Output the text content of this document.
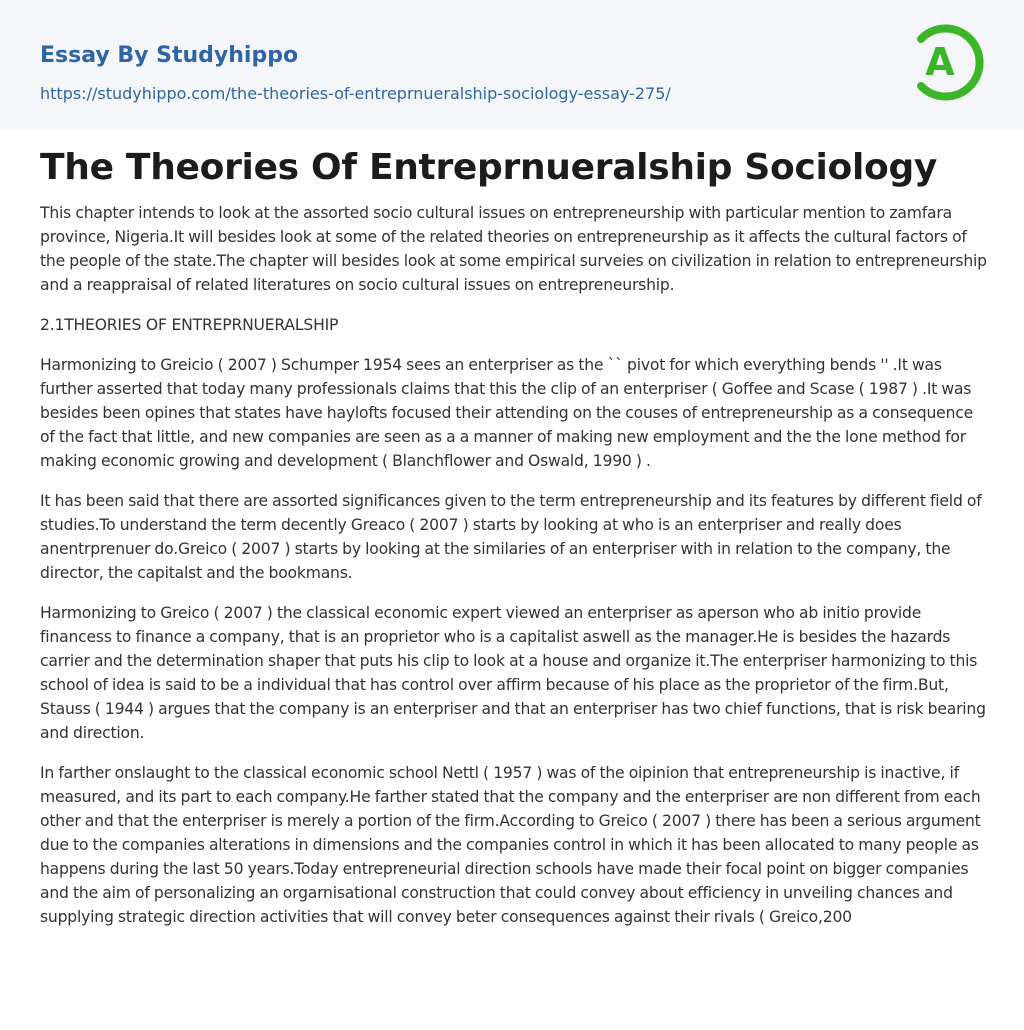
Essay By Studyhippo
https://studyhippo.com/the-theories-of-entreprnueralship-sociology-essay-275/
A
The Theories Of Entreprnueralship Sociology

This chapter intends to look at the assorted socio cultural issues on entrepreneurship with particular mention to zamfara province, Nigeria.It will besides look at some of the related theories on entrepreneurship as it affects the cultural factors of the people of the state.The chapter will besides look at some empirical surveies on civilization in relation to entrepreneurship and a reappraisal of related literatures on socio cultural issues on entrepreneurship.

2.1THEORIES OF ENTREPRNUERALSHIP

Harmonizing to Greicio ( 2007 ) Schumper 1954 sees an enterpriser as the `` pivot for which everything bends '' .It was further asserted that today many professionals claims that this the clip of an enterpriser ( Goffee and Scase ( 1987 ) .It was besides been opines that states have haylofts focused their attending on the couses of entrepreneurship as a consequence of the fact that little, and new companies are seen as a a manner of making new employment and the the lone method for making economic growing and development ( Blanchflower and Oswald, 1990 ) .

It has been said that there are assorted significances given to the term entrepreneurship and its features by different field of studies.To understand the term decently Greaco ( 2007 ) starts by looking at who is an enterpriser and really does anentrprenuer do.Greico ( 2007 ) starts by looking at the similaries of an enterpriser with in relation to the company, the director, the capitalst and the bookmans.

Harmonizing to Greico ( 2007 ) the classical economic expert viewed an enterpriser as aperson who ab initio provide financess to finance a company, that is an proprietor who is a capitalist aswell as the manager.He is besides the hazards carrier and the determination shaper that puts his clip to look at a house and organize it.The enterpriser harmonizing to this school of idea is said to be a individual that has control over affirm because of his place as the proprietor of the firm.But, Stauss ( 1944 ) argues that the company is an enterpriser and that an enterpriser has two chief functions, that is risk bearing and direction.

In farther onslaught to the classical economic school Nettl ( 1957 ) was of the oipinion that entrepreneurship is inactive, if measured, and its part to each company.He farther stated that the company and the enterpriser are non different from each other and that the enterpriser is merely a portion of the firm.According to Greico ( 2007 ) there has been a serious argument due to the companies alterations in dimensions and the companies control in which it has been allocated to many people as happens during the last 50 years.Today entrepreneurial direction schools have made their focal point on bigger companies and the aim of personalizing an orgarnisational construction that could convey about efficiency in unveiling chances and supplying strategic direction activities that will convey beter consequences against their rivals ( Greico,200
